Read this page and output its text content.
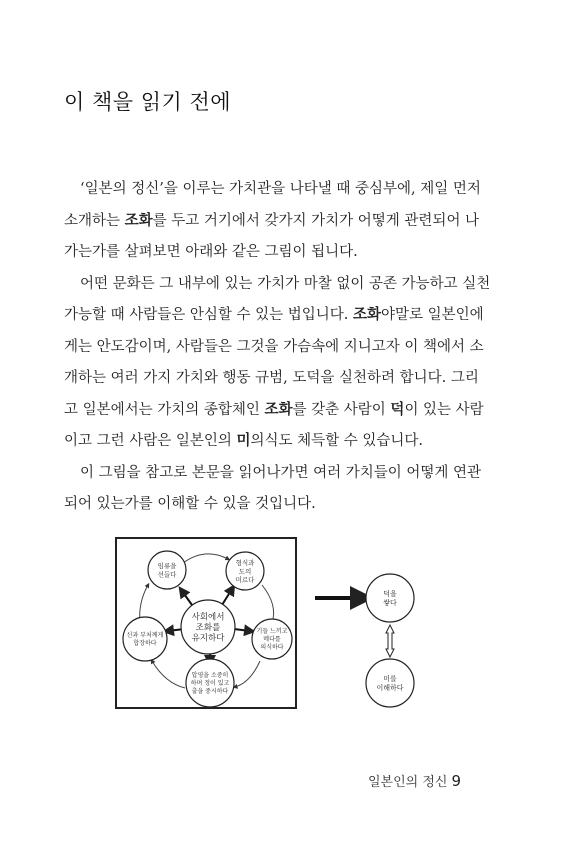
이 책을 읽기 전에

‘일본의 정신’을 이루는 가치관을 나타낼 때 중심부에, 제일 먼저
소개하는 조화를 두고 거기에서 갖가지 가치가 어떻게 관련되어 나
가는가를 살펴보면 아래와 같은 그림이 됩니다.

어떤 문화든 그 내부에 있는 가치가 마찰 없이 공존 가능하고 실천
가능할 때 사람들은 안심할 수 있는 법입니다. 조화야말로 일본인에
게는 안도감이며, 사람들은 그것을 가슴속에 지니고자 이 책에서 소
개하는 여러 가지 가치와 행동 규범, 도덕을 실천하려 합니다. 그리
고 일본에서는 가치의 종합체인 조화를 갖춘 사람이 덕이 있는 사람
이고 그런 사람은 일본인의 미의식도 체득할 수 있습니다.

이 그림을 참고로 본문을 읽어나가면 여러 가치들이 어떻게 연관
되어 있는가를 이해할 수 있을 것입니다.

사회에서 조화를 유지하다
임류을 선들다
형식과 도의 미르다
기들 느끼고 메다를 의식하다
압영을 소중히 하며 정이 있고 출을 중시하다
신과 부처께게 합장하다
덕을 쌓다
미를 이해하다
일본인의 정신 9
